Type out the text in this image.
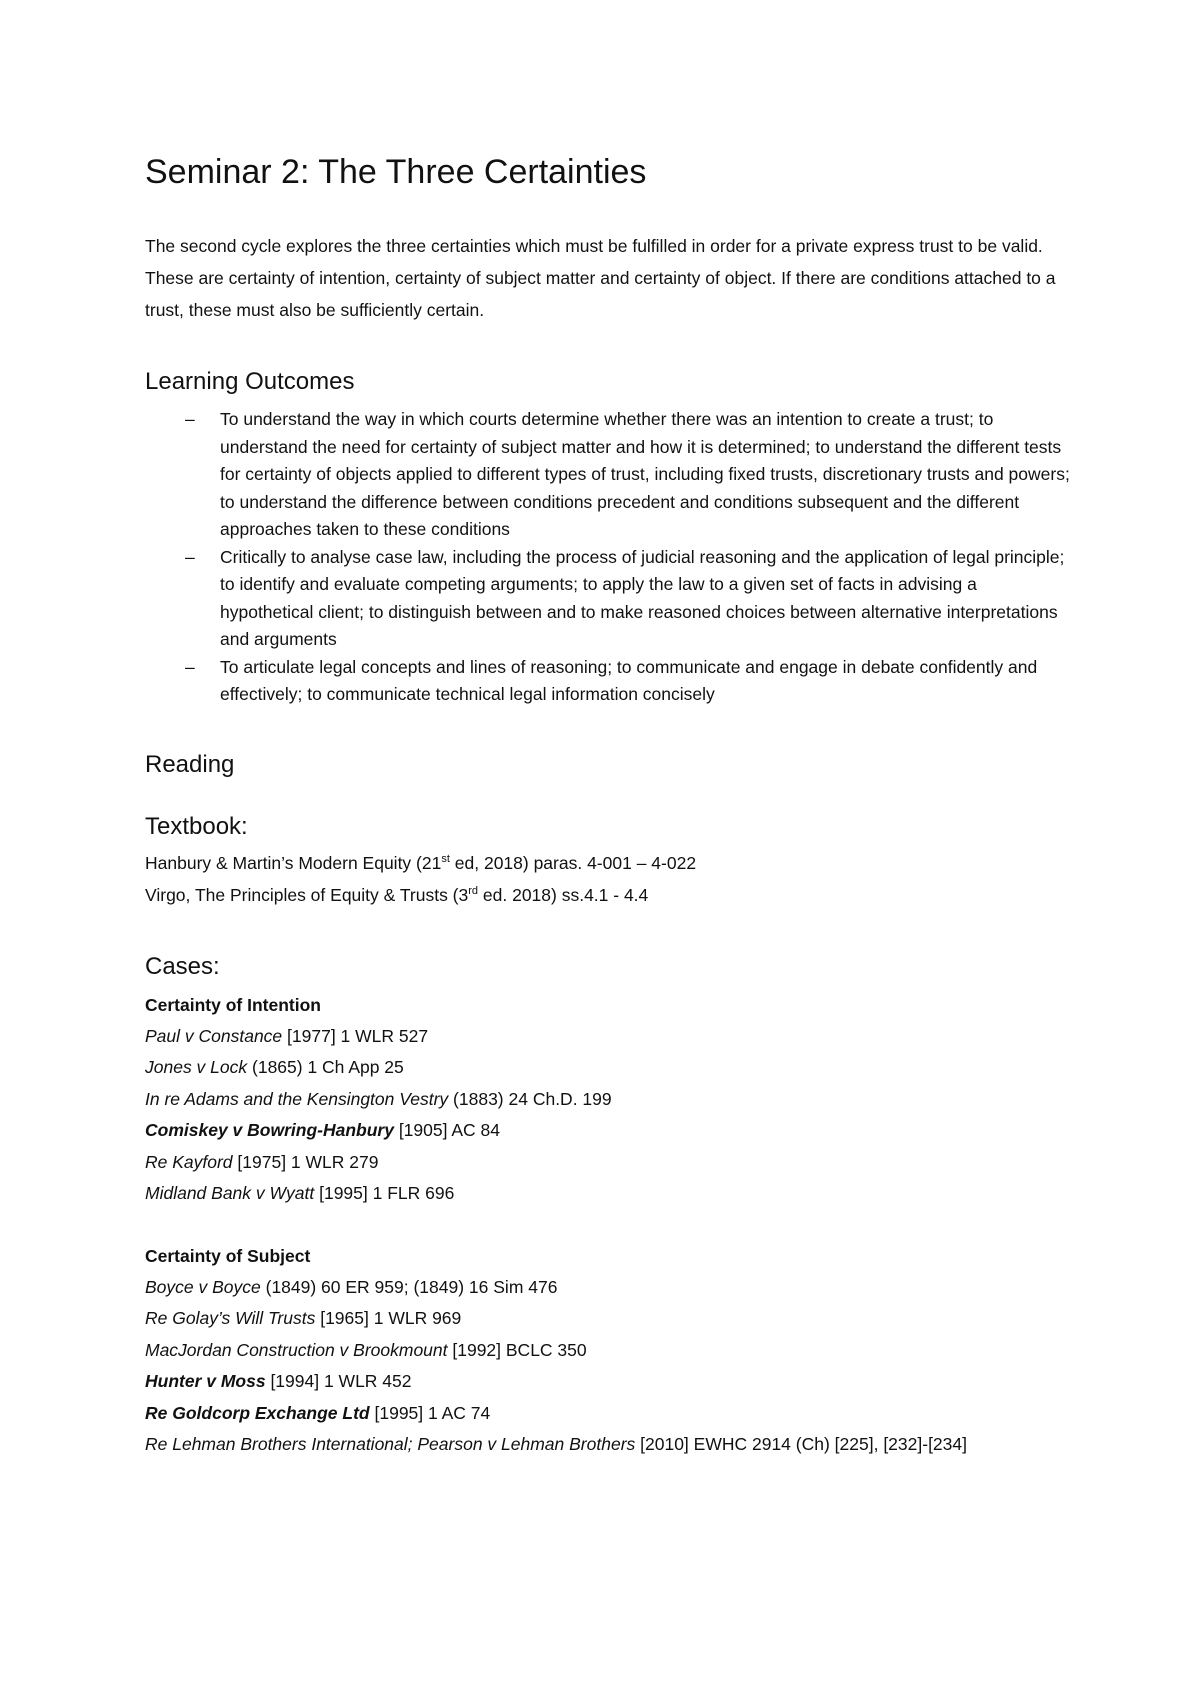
Seminar 2: The Three Certainties

The second cycle explores the three certainties which must be fulfilled in order for a private express trust to be valid. These are certainty of intention, certainty of subject matter and certainty of object. If there are conditions attached to a trust, these must also be sufficiently certain.

Learning Outcomes
– To understand the way in which courts determine whether there was an intention to create a trust; to understand the need for certainty of subject matter and how it is determined; to understand the different tests for certainty of objects applied to different types of trust, including fixed trusts, discretionary trusts and powers; to understand the difference between conditions precedent and conditions subsequent and the different approaches taken to these conditions
– Critically to analyse case law, including the process of judicial reasoning and the application of legal principle; to identify and evaluate competing arguments; to apply the law to a given set of facts in advising a hypothetical client; to distinguish between and to make reasoned choices between alternative interpretations and arguments
– To articulate legal concepts and lines of reasoning; to communicate and engage in debate confidently and effectively; to communicate technical legal information concisely
Reading
Textbook:
Hanbury & Martin’s Modern Equity (21st ed, 2018) paras. 4-001 – 4-022
Virgo, The Principles of Equity & Trusts (3rd ed. 2018) ss.4.1 - 4.4
Cases:
Certainty of Intention
Paul v Constance [1977] 1 WLR 527
Jones v Lock (1865) 1 Ch App 25
In re Adams and the Kensington Vestry (1883) 24 Ch.D. 199
Comiskey v Bowring-Hanbury [1905] AC 84
Re Kayford [1975] 1 WLR 279
Midland Bank v Wyatt [1995] 1 FLR 696
Certainty of Subject
Boyce v Boyce (1849) 60 ER 959; (1849) 16 Sim 476
Re Golay’s Will Trusts [1965] 1 WLR 969
MacJordan Construction v Brookmount [1992] BCLC 350
Hunter v Moss [1994] 1 WLR 452
Re Goldcorp Exchange Ltd [1995] 1 AC 74
Re Lehman Brothers International; Pearson v Lehman Brothers [2010] EWHC 2914 (Ch) [225], [232]-[234]
